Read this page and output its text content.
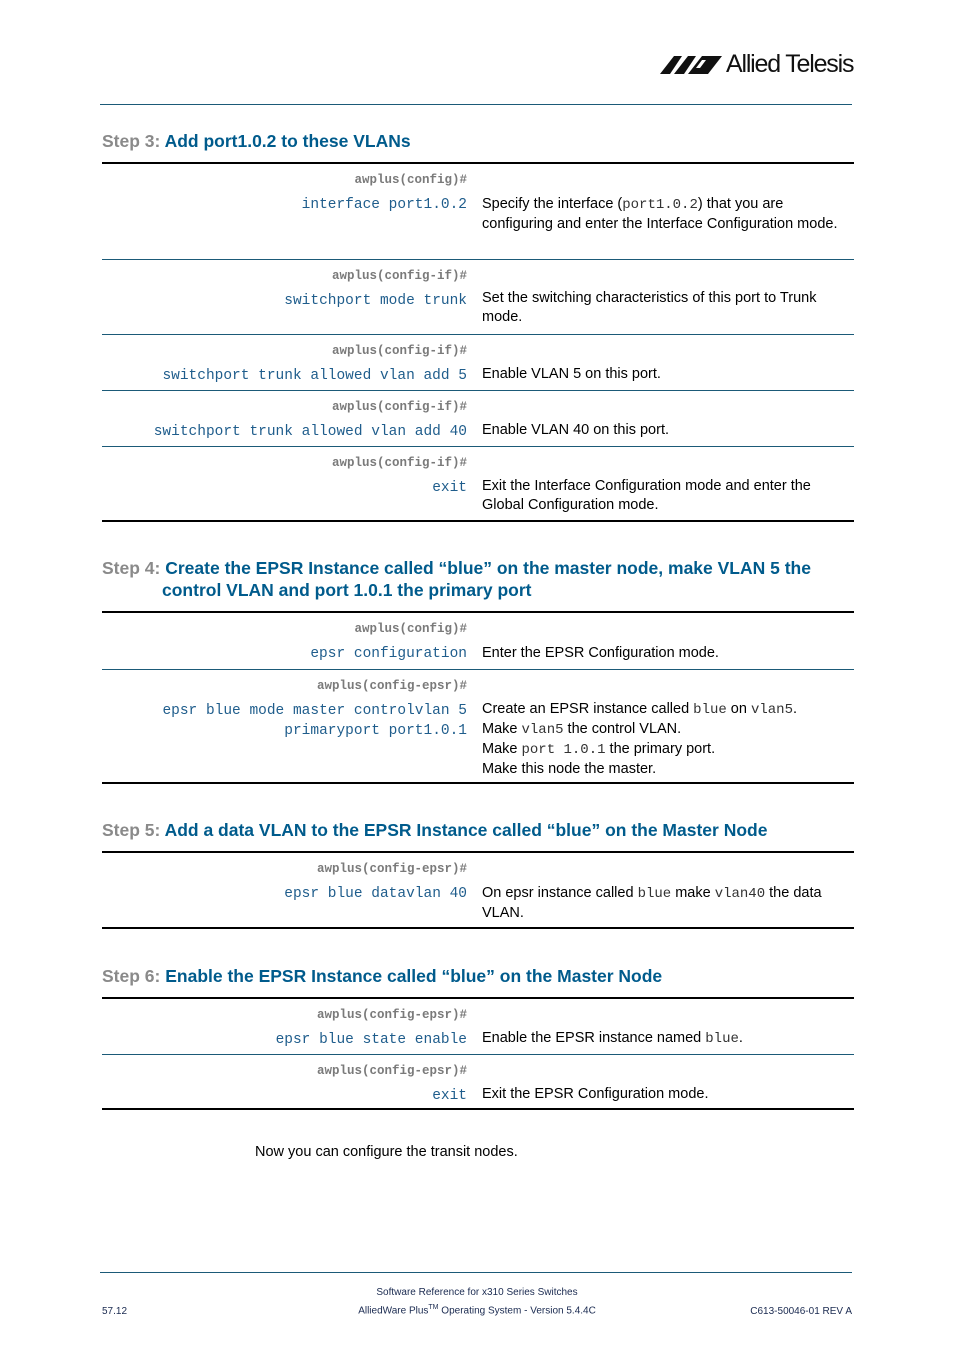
Allied Telesis
Step 3: Add port1.0.2 to these VLANs
awplus(config)#
interface port1.0.2 Specify the interface (port1.0.2) that you are configuring and enter the Interface Configuration mode.
awplus(config-if)#
switchport mode trunk Set the switching characteristics of this port to Trunk mode.
awplus(config-if)#
switchport trunk allowed vlan add 5 Enable VLAN 5 on this port.
awplus(config-if)#
switchport trunk allowed vlan add 40 Enable VLAN 40 on this port.
awplus(config-if)#
exit Exit the Interface Configuration mode and enter the Global Configuration mode.
Step 4: Create the EPSR Instance called “blue” on the master node, make VLAN 5 the
control VLAN and port 1.0.1 the primary port
awplus(config)#
epsr configuration Enter the EPSR Configuration mode.
awplus(config-epsr)#
epsr blue mode master controlvlan 5
primaryport port1.0.1
Create an EPSR instance called blue on vlan5.
Make vlan5 the control VLAN.
Make port 1.0.1 the primary port.
Make this node the master.
Step 5: Add a data VLAN to the EPSR Instance called “blue” on the Master Node
awplus(config-epsr)#
epsr blue datavlan 40 On epsr instance called blue make vlan40 the data VLAN.
Step 6: Enable the EPSR Instance called “blue” on the Master Node
awplus(config-epsr)#
epsr blue state enable Enable the EPSR instance named blue.
awplus(config-epsr)#
exit Exit the EPSR Configuration mode.
Now you can configure the transit nodes.
Software Reference for x310 Series Switches
AlliedWare Plus™ Operating System - Version 5.4.4C
57.12	C613-50046-01 REV A
